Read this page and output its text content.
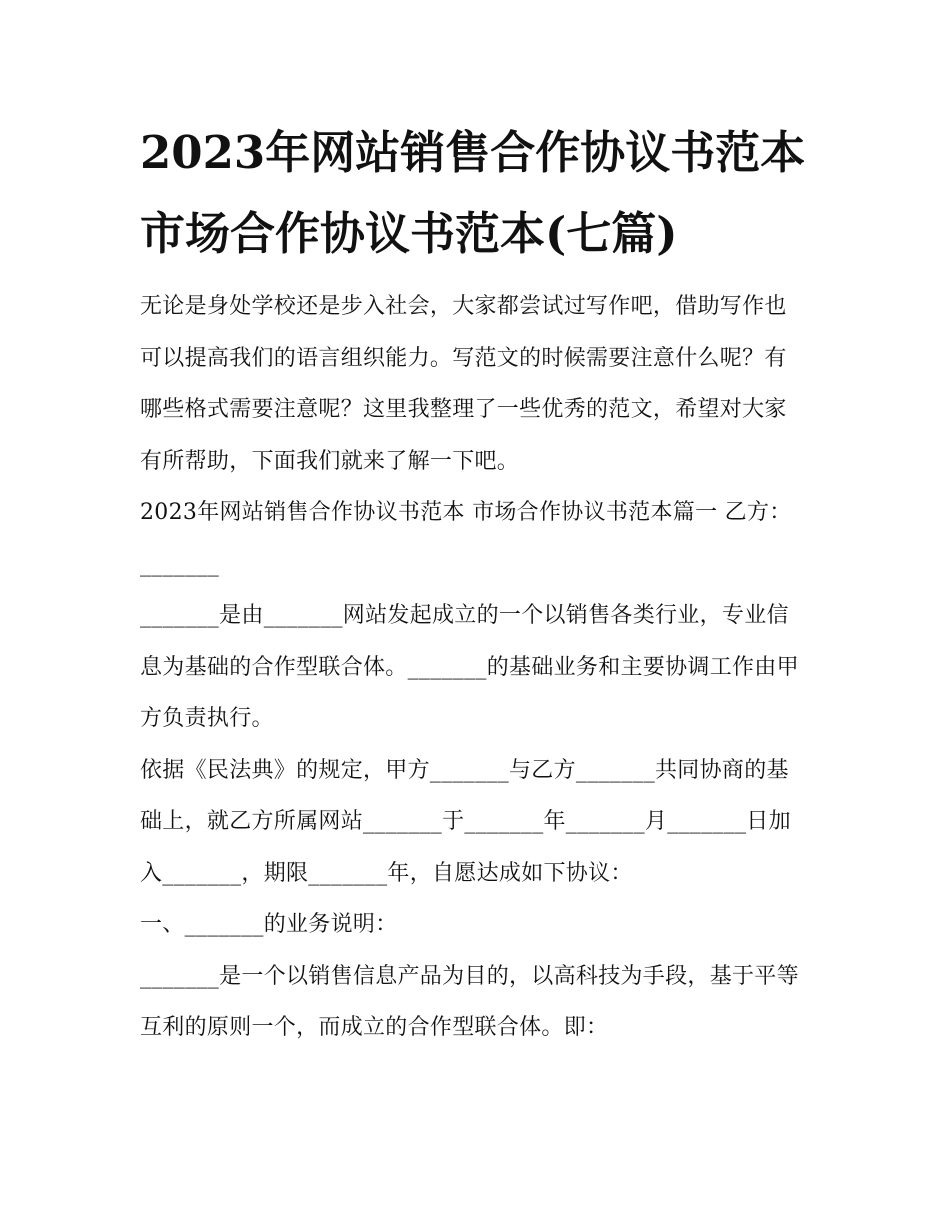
2023年网站销售合作协议书范本 市场合作协议书范本(七篇)

无论是身处学校还是步入社会，大家都尝试过写作吧，借助写作也可以提高我们的语言组织能力。写范文的时候需要注意什么呢？有哪些格式需要注意呢？这里我整理了一些优秀的范文，希望对大家有所帮助，下面我们就来了解一下吧。

2023年网站销售合作协议书范本 市场合作协议书范本篇一 乙方：_______

_______是由_______网站发起成立的一个以销售各类行业，专业信息为基础的合作型联合体。_______的基础业务和主要协调工作由甲方负责执行。

依据《民法典》的规定，甲方_______与乙方_______共同协商的基础上，就乙方所属网站_______于_______年_______月_______日加入_______，期限_______年，自愿达成如下协议：

一、_______的业务说明：

_______是一个以销售信息产品为目的，以高科技为手段，基于平等互利的原则一个，而成立的合作型联合体。即：
